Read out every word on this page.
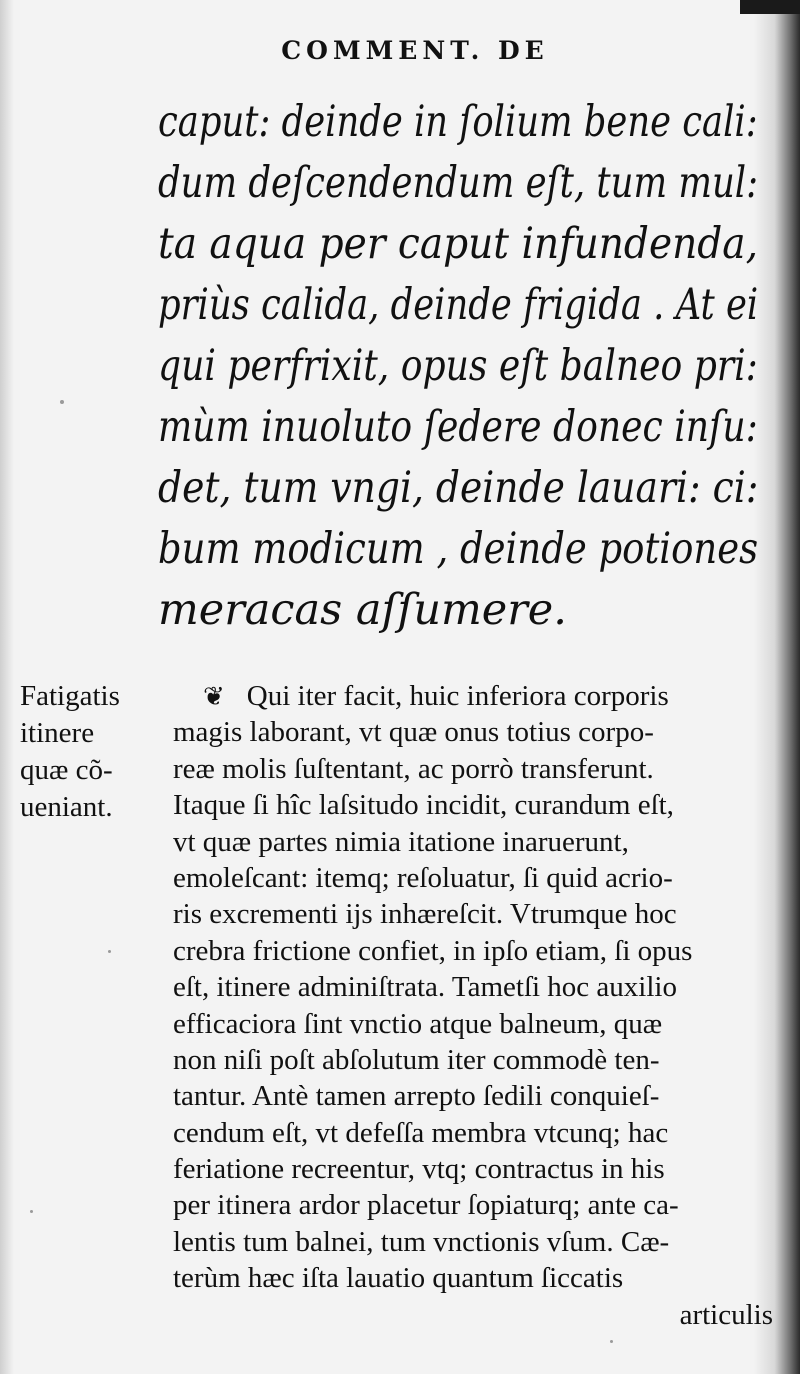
COMMENT. DE
caput: deinde in ſolium bene cali:
dum deſcendendum eſt, tum mul:
ta aqua per caput infundenda,
priùs calida, deinde frigida . At ei
qui perfrixit, opus eſt balneo pri:
mùm inuoluto ſedere donec inſu:
det, tum vngi, deinde lauari: ci:
bum modicum , deinde potiones
meracas aſſumere.
Fatigatis
itinere
quæ cõ-
ueniant.
❦ Qui iter facit, huic inferiora corporis
magis laborant, vt quæ onus totius corpo-
reæ molis ſuſtentant, ac porrò transferunt.
Itaque ſi hîc laſsitudo incidit, curandum eſt,
vt quæ partes nimia itatione inaruerunt,
emoleſcant: itemq; reſoluatur, ſi quid acrio-
ris excrementi ijs inhæreſcit. Vtrumque hoc
crebra frictione confiet, in ipſo etiam, ſi opus
eſt, itinere adminiſtrata. Tametſi hoc auxilio
efficaciora ſint vnctio atque balneum, quæ
non niſi poſt abſolutum iter commodè ten-
tantur. Antè tamen arrepto ſedili conquieſ-
cendum eſt, vt defeſſa membra vtcunq; hac
feriatione recreentur, vtq; contractus in his
per itinera ardor placetur ſopiaturq; ante ca-
lentis tum balnei, tum vnctionis vſum. Cæ-
terùm hæc iſta lauatio quantum ſiccatis
articulis
